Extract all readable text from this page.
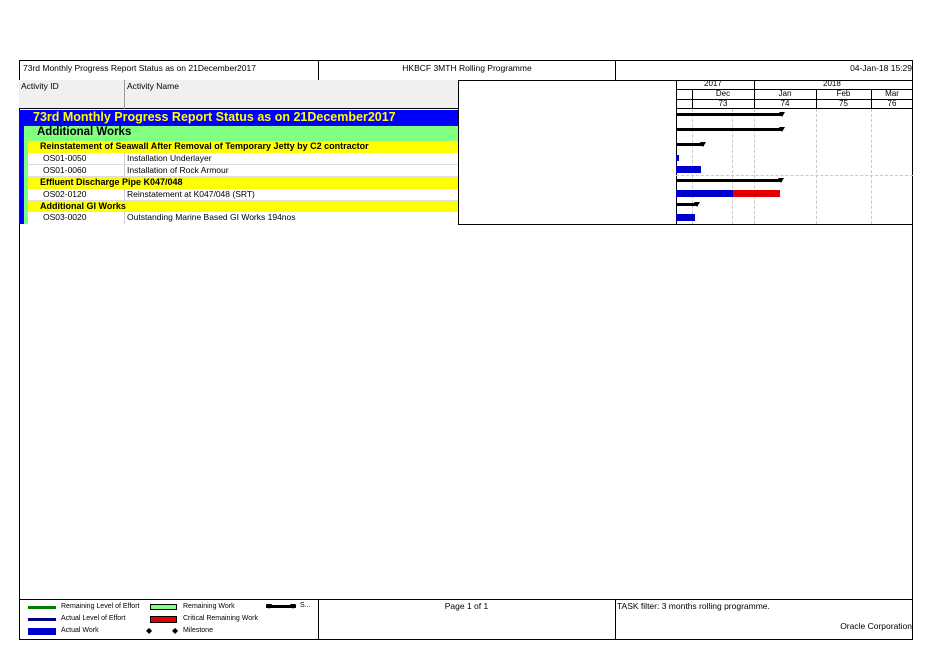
73rd Monthly Progress Report Status as on 21December2017	HKBCF 3MTH Rolling Programme	04-Jan-18 15:29
Activity ID	Activity Name	2017	2018
Dec	Jan	Feb	Mar
73	74	75	76
73rd Monthly Progress Report Status as on 21December2017
Additional Works
Reinstatement of Seawall After Removal of Temporary Jetty by C2 contractor
OS01-0050	Installation Underlayer
OS01-0060	Installation of Rock Armour
Effluent Discharge Pipe K047/048
OS02-0120	Reinstatement at K047/048 (SRT)
Additional GI Works
OS03-0020	Outstanding Marine Based GI Works 194nos
Remaining Level of Effort
Actual Level of Effort
Actual Work
Remaining Work
Critical Remaining Work
◆ ◆ Milestone
S...	Page 1 of 1	TASK filter: 3 months rolling programme.
Oracle Corporation
